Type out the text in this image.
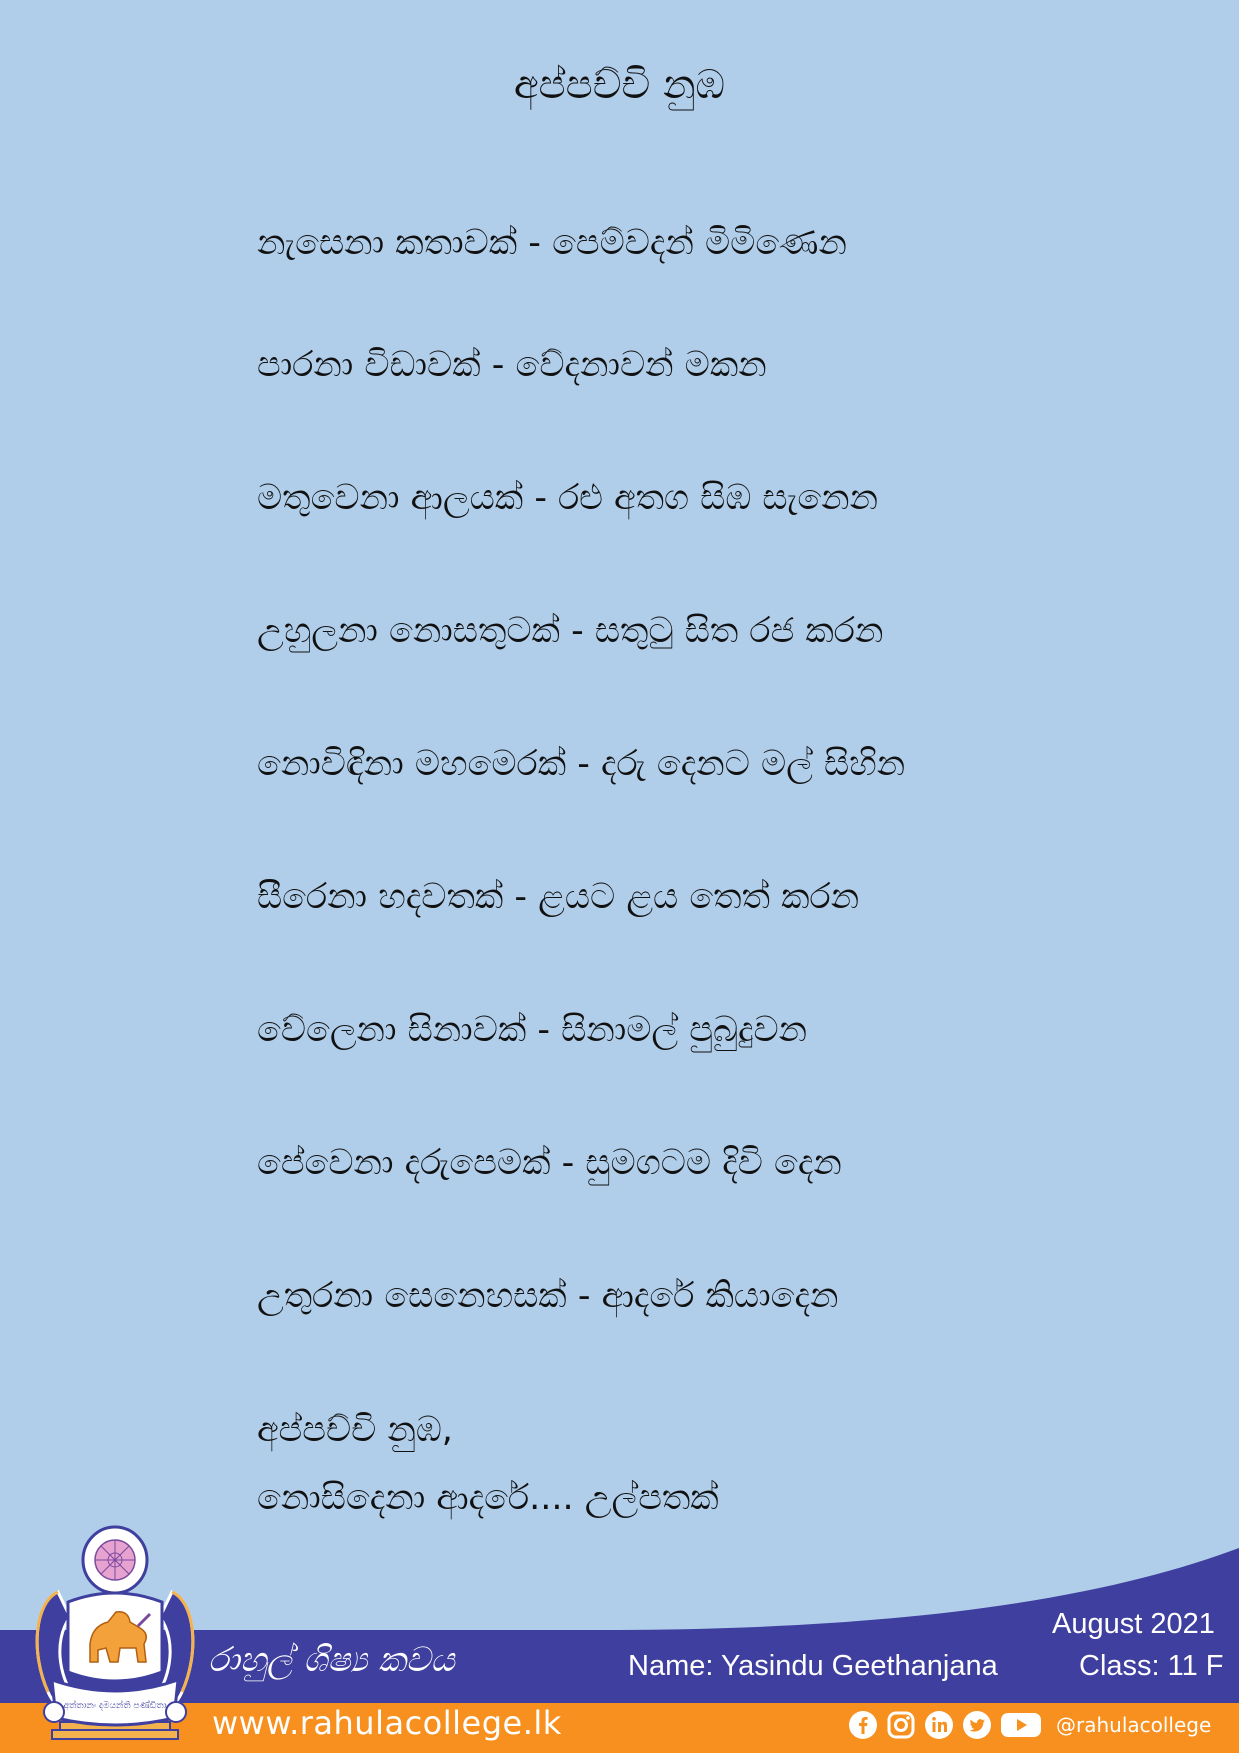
අප්පච්චි නුඹ
නැසෙනා කතාවක් - පෙම්වදන් මිමිණෙන
පාරනා විඩාවක් - වේදනාවන් මකන
මතුවෙනා ආලයක් - රළු අතග සිඹ සැනෙන
උහුලනා නොසතුටක් - සතුටු සිත රජ කරන
නොවිඳිනා මහමෙරක් - දරු දෙනට මල් සිහින
සීරෙනා හදවතක් - ළයට ළය තෙත් කරන
වේලෙනා සිනාවක් - සිනාමල් පුබුදුවන
පේවෙනා දරුපෙමක් - සුමගටම දිවි දෙන
උතුරනා සෙනෙහසක් - ආදරේ කියාදෙන
අප්පච්චි නුඹ,
නොසිදෙනා ආදරේ.... උල්පතක්
රාහුල් ශිෂ්‍ය කවය	Name: Yasindu Geethanjana
August 2021
Class: 11 F
www.rahulacollege.lk	@rahulacollege
අත්තානං දමයන්ති පණ්ඩිතා
